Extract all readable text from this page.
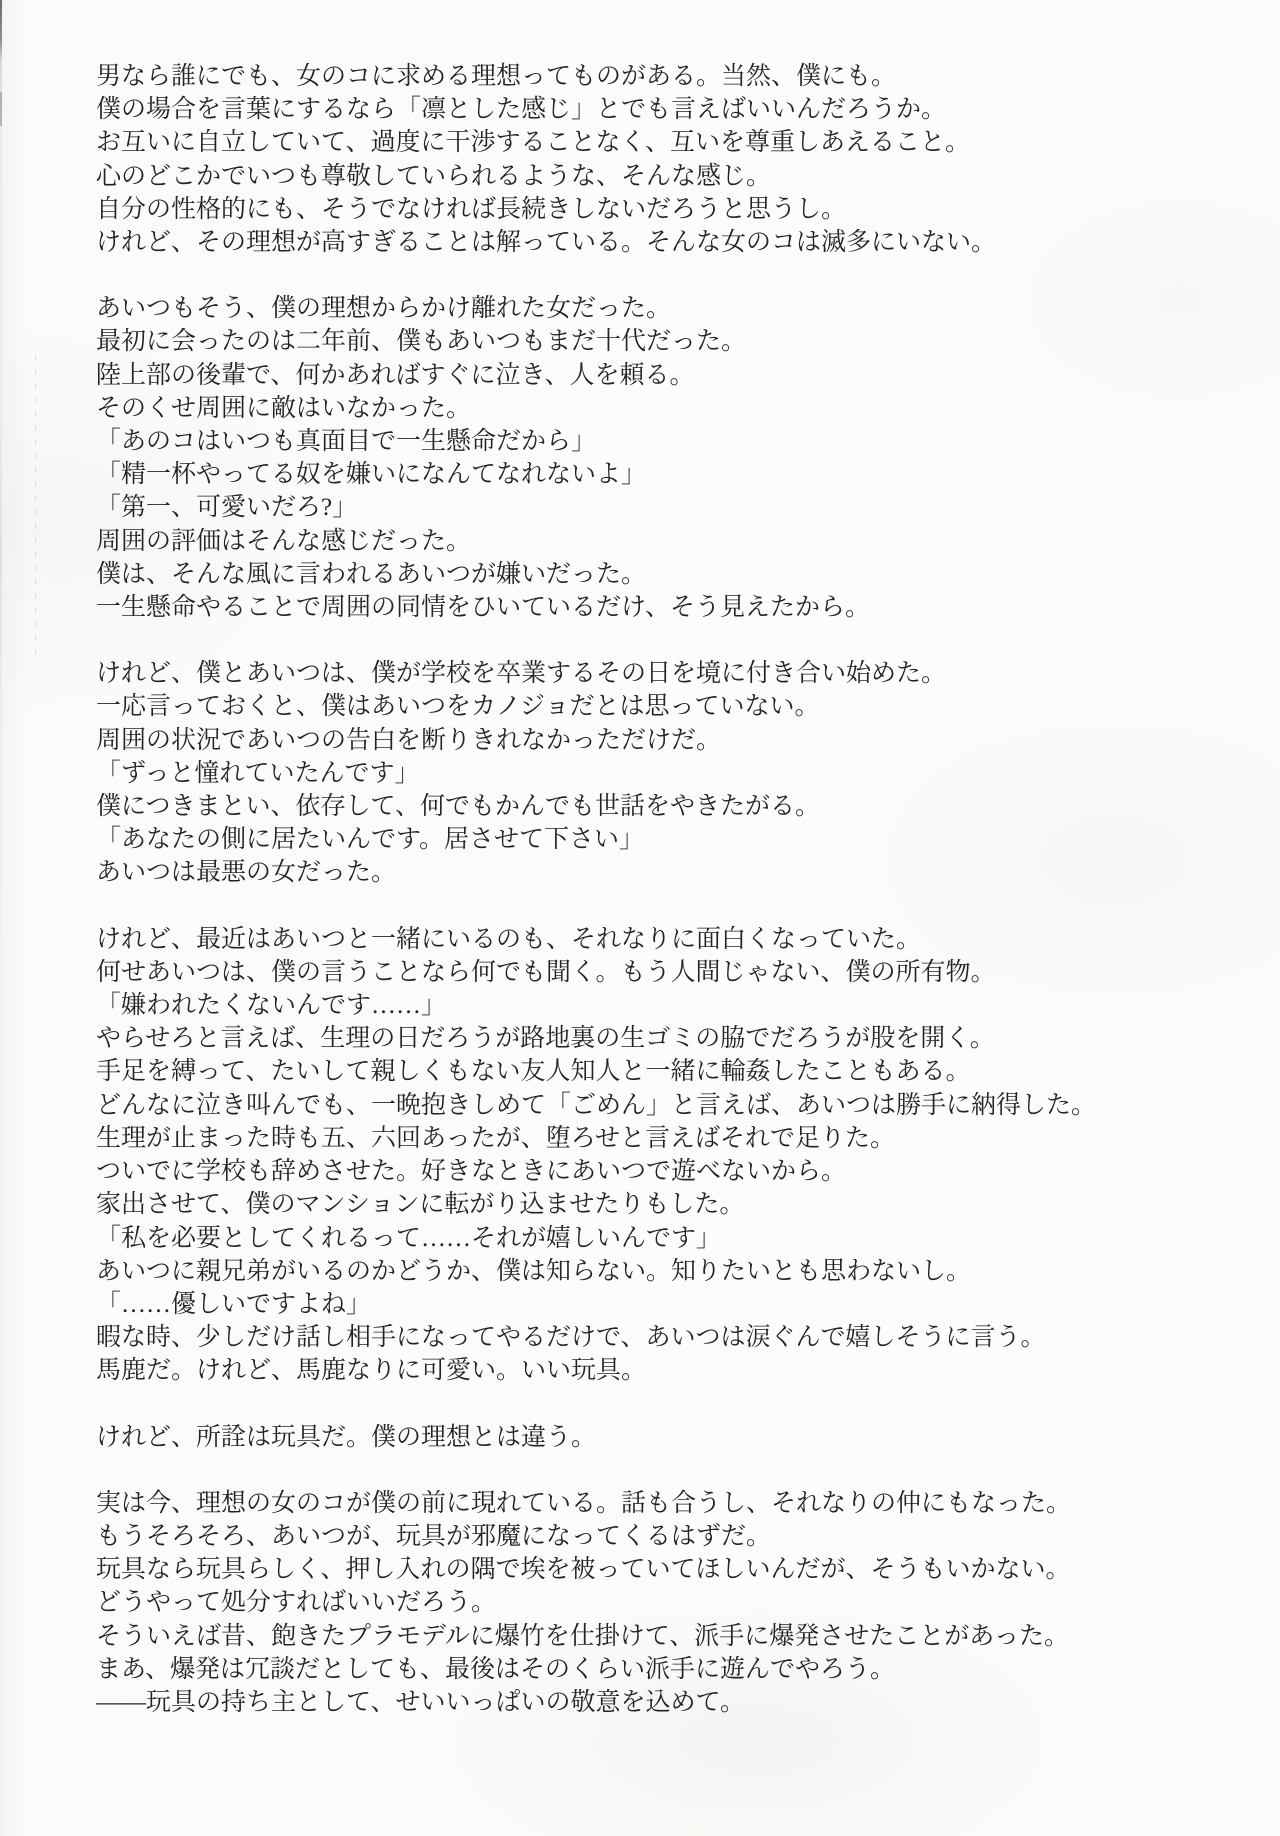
男なら誰にでも、女のコに求める理想ってものがある。当然、僕にも。
僕の場合を言葉にするなら「凛とした感じ」とでも言えばいいんだろうか。
お互いに自立していて、過度に干渉することなく、互いを尊重しあえること。
心のどこかでいつも尊敬していられるような、そんな感じ。
自分の性格的にも、そうでなければ長続きしないだろうと思うし。
けれど、その理想が高すぎることは解っている。そんな女のコは滅多にいない。
あいつもそう、僕の理想からかけ離れた女だった。
最初に会ったのは二年前、僕もあいつもまだ十代だった。
陸上部の後輩で、何かあればすぐに泣き、人を頼る。
そのくせ周囲に敵はいなかった。
「あのコはいつも真面目で一生懸命だから」
「精一杯やってる奴を嫌いになんてなれないよ」
「第一、可愛いだろ?」
周囲の評価はそんな感じだった。
僕は、そんな風に言われるあいつが嫌いだった。
一生懸命やることで周囲の同情をひいているだけ、そう見えたから。
けれど、僕とあいつは、僕が学校を卒業するその日を境に付き合い始めた。
一応言っておくと、僕はあいつをカノジョだとは思っていない。
周囲の状況であいつの告白を断りきれなかっただけだ。
「ずっと憧れていたんです」
僕につきまとい、依存して、何でもかんでも世話をやきたがる。
「あなたの側に居たいんです。居させて下さい」
あいつは最悪の女だった。
けれど、最近はあいつと一緒にいるのも、それなりに面白くなっていた。
何せあいつは、僕の言うことなら何でも聞く。もう人間じゃない、僕の所有物。
「嫌われたくないんです……」
やらせろと言えば、生理の日だろうが路地裏の生ゴミの脇でだろうが股を開く。
手足を縛って、たいして親しくもない友人知人と一緒に輪姦したこともある。
どんなに泣き叫んでも、一晩抱きしめて「ごめん」と言えば、あいつは勝手に納得した。
生理が止まった時も五、六回あったが、堕ろせと言えばそれで足りた。
ついでに学校も辞めさせた。好きなときにあいつで遊べないから。
家出させて、僕のマンションに転がり込ませたりもした。
「私を必要としてくれるって……それが嬉しいんです」
あいつに親兄弟がいるのかどうか、僕は知らない。知りたいとも思わないし。
「……優しいですよね」
暇な時、少しだけ話し相手になってやるだけで、あいつは涙ぐんで嬉しそうに言う。
馬鹿だ。けれど、馬鹿なりに可愛い。いい玩具。
けれど、所詮は玩具だ。僕の理想とは違う。
実は今、理想の女のコが僕の前に現れている。話も合うし、それなりの仲にもなった。
もうそろそろ、あいつが、玩具が邪魔になってくるはずだ。
玩具なら玩具らしく、押し入れの隅で埃を被っていてほしいんだが、そうもいかない。
どうやって処分すればいいだろう。
そういえば昔、飽きたプラモデルに爆竹を仕掛けて、派手に爆発させたことがあった。
まあ、爆発は冗談だとしても、最後はそのくらい派手に遊んでやろう。
——玩具の持ち主として、せいいっぱいの敬意を込めて。
